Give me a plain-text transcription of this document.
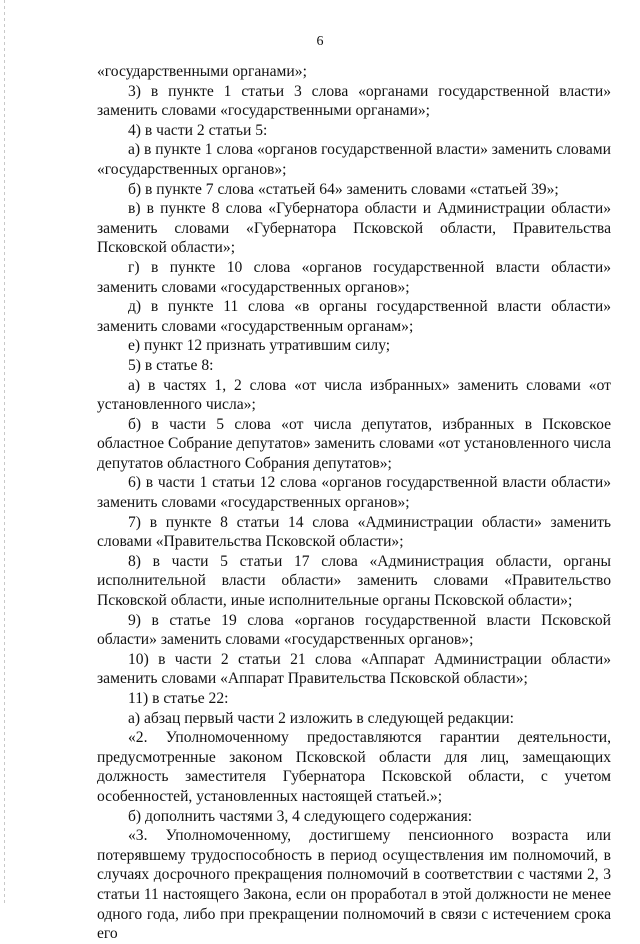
6

«государственными органами»;

3) в пункте 1 статьи 3 слова «органами государственной власти» заменить словами «государственными органами»;

4) в части 2 статьи 5:

а) в пункте 1 слова «органов государственной власти» заменить словами «государственных органов»;

б) в пункте 7 слова «статьей 64» заменить словами «статьей 39»;

в) в пункте 8 слова «Губернатора области и Администрации области» заменить словами «Губернатора Псковской области, Правительства Псковской области»;

г) в пункте 10 слова «органов государственной власти области» заменить словами «государственных органов»;

д) в пункте 11 слова «в органы государственной власти области» заменить словами «государственным органам»;

е) пункт 12 признать утратившим силу;

5) в статье 8:

а) в частях 1, 2 слова «от числа избранных» заменить словами «от установленного числа»;

б) в части 5 слова «от числа депутатов, избранных в Псковское областное Собрание депутатов» заменить словами «от установленного числа депутатов областного Собрания депутатов»;

6) в части 1 статьи 12 слова «органов государственной власти области» заменить словами «государственных органов»;

7) в пункте 8 статьи 14 слова «Администрации области» заменить словами «Правительства Псковской области»;

8) в части 5 статьи 17 слова «Администрация области, органы исполнительной власти области» заменить словами «Правительство Псковской области, иные исполнительные органы Псковской области»;

9) в статье 19 слова «органов государственной власти Псковской области» заменить словами «государственных органов»;

10) в части 2 статьи 21 слова «Аппарат Администрации области» заменить словами «Аппарат Правительства Псковской области»;

11) в статье 22:

а) абзац первый части 2 изложить в следующей редакции:

«2. Уполномоченному предоставляются гарантии деятельности, предусмотренные законом Псковской области для лиц, замещающих должность заместителя Губернатора Псковской области, с учетом особенностей, установленных настоящей статьей.»;

б) дополнить частями 3, 4 следующего содержания:

«3. Уполномоченному, достигшему пенсионного возраста или потерявшему трудоспособность в период осуществления им полномочий, в случаях досрочного прекращения полномочий в соответствии с частями 2, 3 статьи 11 настоящего Закона, если он проработал в этой должности не менее одного года, либо при прекращении полномочий в связи с истечением срока его
